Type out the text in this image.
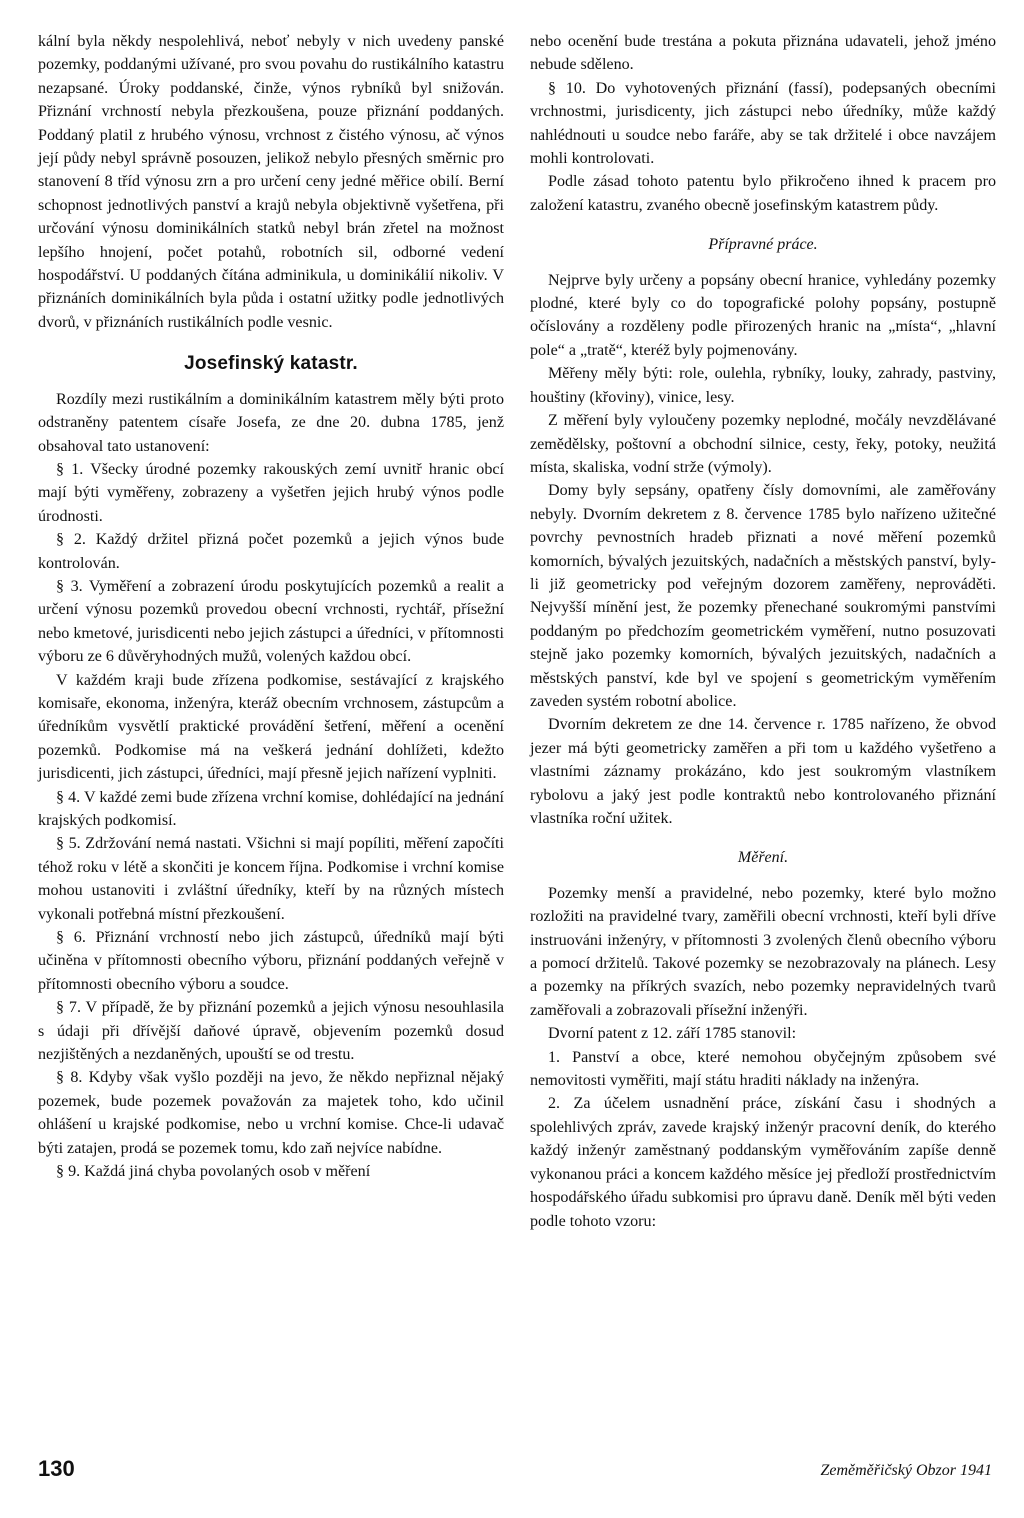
kální byla někdy nespolehlivá, neboť nebyly v nich uvedeny panské pozemky, poddanými užívané, pro svou povahu do rustikálního katastru nezapsané. Úroky poddanské, činže, výnos rybníků byl snižován. Přiznání vrchností nebyla přezkoušena, pouze přiznání poddaných. Poddaný platil z hrubého výnosu, vrchnost z čistého výnosu, ač výnos její půdy nebyl správně posouzen, jelikož nebylo přesných směrnic pro stanovení 8 tříd výnosu zrn a pro určení ceny jedné měřice obilí. Berní schopnost jednotlivých panství a krajů nebyla objektivně vyšetřena, při určování výnosu dominikálních statků nebyl brán zřetel na možnost lepšího hnojení, počet potahů, robotních sil, odborné vedení hospodářství. U poddaných čítána adminikula, u dominikálií nikoliv. V přiznáních dominikálních byla půda i ostatní užitky podle jednotlivých dvorů, v přiznáních rustikálních podle vesnic.

Josefinský katastr.

Rozdíly mezi rustikálním a dominikálním katastrem měly býti proto odstraněny patentem císaře Josefa, ze dne 20. dubna 1785, jenž obsahoval tato ustanovení:

§ 1. Všecky úrodné pozemky rakouských zemí uvnitř hranic obcí mají býti vyměřeny, zobrazeny a vyšetřen jejich hrubý výnos podle úrodnosti.

§ 2. Každý držitel přizná počet pozemků a jejich výnos bude kontrolován.

§ 3. Vyměření a zobrazení úrodu poskytujících pozemků a realit a určení výnosu pozemků provedou obecní vrchnosti, rychtář, přísežní nebo kmetové, jurisdicenti nebo jejich zástupci a úředníci, v přítomnosti výboru ze 6 důvěryhodných mužů, volených každou obcí.

V každém kraji bude zřízena podkomise, sestávající z krajského komisaře, ekonoma, inženýra, kteráž obecním vrchnosem, zástupcům a úředníkům vysvětlí praktické provádění šetření, měření a ocenění pozemků. Podkomise má na veškerá jednání dohlížeti, kdežto jurisdicenti, jich zástupci, úředníci, mají přesně jejich nařízení vyplniti.

§ 4. V každé zemi bude zřízena vrchní komise, dohlédající na jednání krajských podkomisí.

§ 5. Zdržování nemá nastati. Všichni si mají popíliti, měření započíti téhož roku v létě a skončiti je koncem října. Podkomise i vrchní komise mohou ustanoviti i zvláštní úředníky, kteří by na různých místech vykonali potřebná místní přezkoušení.

§ 6. Přiznání vrchností nebo jich zástupců, úředníků mají býti učiněna v přítomnosti obecního výboru, přiznání poddaných veřejně v přítomnosti obecního výboru a soudce.

§ 7. V případě, že by přiznání pozemků a jejich výnosu nesouhlasila s údaji při dřívější daňové úpravě, objevením pozemků dosud nezjištěných a nezdaněných, upouští se od trestu.

§ 8. Kdyby však vyšlo později na jevo, že někdo nepřiznal nějaký pozemek, bude pozemek považován za majetek toho, kdo učinil ohlášení u krajské podkomise, nebo u vrchní komise. Chce-li udavač býti zatajen, prodá se pozemek tomu, kdo zaň nejvíce nabídne.

§ 9. Každá jiná chyba povolaných osob v měření

nebo ocenění bude trestána a pokuta přiznána udavateli, jehož jméno nebude sděleno.

§ 10. Do vyhotovených přiznání (fassí), podepsaných obecními vrchnostmi, jurisdicenty, jich zástupci nebo úředníky, může každý nahlédnouti u soudce nebo faráře, aby se tak držitelé i obce navzájem mohli kontrolovati.

Podle zásad tohoto patentu bylo přikročeno ihned k pracem pro založení katastru, zvaného obecně josefinským katastrem půdy.

Přípravné práce.

Nejprve byly určeny a popsány obecní hranice, vyhledány pozemky plodné, které byly co do topografické polohy popsány, postupně očíslovány a rozděleny podle přirozených hranic na „místa“, „hlavní pole“ a „tratě“, kteréž byly pojmenovány.

Měřeny měly býti: role, oulehla, rybníky, louky, zahrady, pastviny, houštiny (křoviny), vinice, lesy.

Z měření byly vyloučeny pozemky neplodné, močály nevzdělávané zemědělsky, poštovní a obchodní silnice, cesty, řeky, potoky, neužitá místa, skaliska, vodní strže (výmoly).

Domy byly sepsány, opatřeny čísly domovními, ale zaměřovány nebyly. Dvorním dekretem z 8. července 1785 bylo nařízeno užitečné povrchy pevnostních hradeb přiznati a nové měření pozemků komorních, bývalých jezuitských, nadačních a městských panství, byly-li již geometricky pod veřejným dozorem zaměřeny, neprováděti. Nejvyšší mínění jest, že pozemky přenechané soukromými panstvími poddaným po předchozím geometrickém vyměření, nutno posuzovati stejně jako pozemky komorních, bývalých jezuitských, nadačních a městských panství, kde byl ve spojení s geometrickým vyměřením zaveden systém robotní abolice.

Dvorním dekretem ze dne 14. července r. 1785 nařízeno, že obvod jezer má býti geometricky zaměřen a při tom u každého vyšetřeno a vlastními záznamy prokázáno, kdo jest soukromým vlastníkem rybolovu a jaký jest podle kontraktů nebo kontrolovaného přiznání vlastníka roční užitek.

Měření.

Pozemky menší a pravidelné, nebo pozemky, které bylo možno rozložiti na pravidelné tvary, zaměřili obecní vrchnosti, kteří byli dříve instruováni inženýry, v přítomnosti 3 zvolených členů obecního výboru a pomocí držitelů. Takové pozemky se nezobrazovaly na plánech. Lesy a pozemky na příkrých svazích, nebo pozemky nepravidelných tvarů zaměřovali a zobrazovali přísežní inženýři.

Dvorní patent z 12. září 1785 stanovil:

1. Panství a obce, které nemohou obyčejným způsobem své nemovitosti vyměřiti, mají státu hraditi náklady na inženýra.

2. Za účelem usnadnění práce, získání času i shodných a spolehlivých zpráv, zavede krajský inženýr pracovní deník, do kterého každý inženýr zaměstnaný poddanským vyměřováním zapíše denně vykonanou práci a koncem každého měsíce jej předloží prostřednictvím hospodářského úřadu subkomisi pro úpravu daně. Deník měl býti veden podle tohoto vzoru:

130	Zeměměřičský Obzor 1941
